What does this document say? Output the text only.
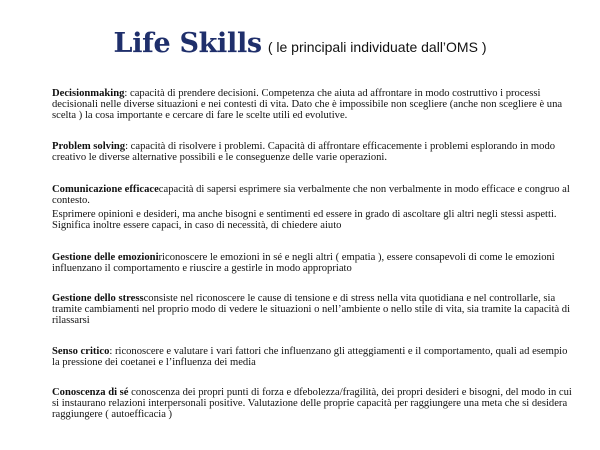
Life Skills ( le principali individuate dall’OMS )

Decisionmaking: capacità di prendere decisioni. Competenza che aiuta ad affrontare in modo costruttivo i processi decisionali nelle diverse situazioni e nei contesti di vita. Dato che è impossibile non scegliere (anche non scegliere è una scelta ) la cosa importante e cercare di fare le scelte utili ed evolutive.

Problem solving: capacità di risolvere i problemi. Capacità di affrontare efficacemente i problemi esplorando in modo creativo le diverse alternative possibili e le conseguenze delle varie operazioni.

Comunicazione efficacecapacità di sapersi esprimere sia verbalmente che non verbalmente in modo efficace e congruo al contesto.

Esprimere opinioni e desideri, ma anche bisogni e sentimenti ed essere in grado di ascoltare gli altri negli stessi aspetti. Significa inoltre essere capaci, in caso di necessità, di chiedere aiuto

Gestione delle emozioniriconoscere le emozioni in sé e negli altri ( empatia ), essere consapevoli di come le emozioni influenzano il comportamento e riuscire a gestirle in modo appropriato

Gestione dello stressconsiste nel riconoscere le cause di tensione e di stress nella vita quotidiana e nel controllarle, sia tramite cambiamenti nel proprio modo di vedere le situazioni o nell’ambiente o nello stile di vita, sia tramite la capacità di rilassarsi

Senso critico: riconoscere e valutare i vari fattori che influenzano gli atteggiamenti e il comportamento, quali ad esempio la pressione dei coetanei e l’influenza dei media

Conoscenza di sé conoscenza dei propri punti di forza e dfebolezza/fragilità, dei propri desideri e bisogni, del modo in cui si instaurano relazioni interpersonali positive. Valutazione delle proprie capacità per raggiungere una meta che si desidera raggiungere ( autoefficacia )
